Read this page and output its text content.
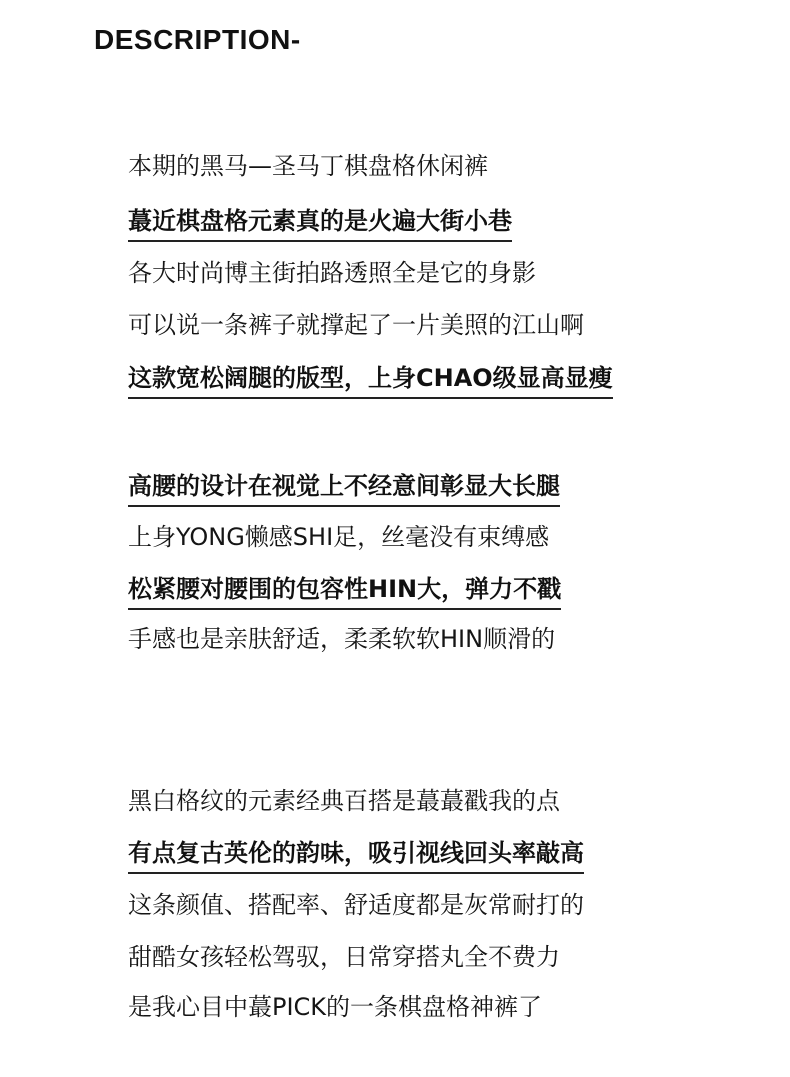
DESCRIPTION-
本期的黑马—圣马丁棋盘格休闲裤
蕞近棋盘格元素真的是火遍大街小巷
各大时尚博主街拍路透照全是它的身影
可以说一条裤子就撑起了一片美照的江山啊
这款宽松阔腿的版型，上身CHAO级显高显瘦
高腰的设计在视觉上不经意间彰显大长腿
上身YONG懒感SHI足，丝毫没有束缚感
松紧腰对腰围的包容性HIN大，弹力不戳
手感也是亲肤舒适，柔柔软软HIN顺滑的
黑白格纹的元素经典百搭是蕞蕞戳我的点
有点复古英伦的韵味，吸引视线回头率敲高
这条颜值、搭配率、舒适度都是灰常耐打的
甜酷女孩轻松驾驭，日常穿搭丸全不费力
是我心目中蕞PICK的一条棋盘格神裤了
